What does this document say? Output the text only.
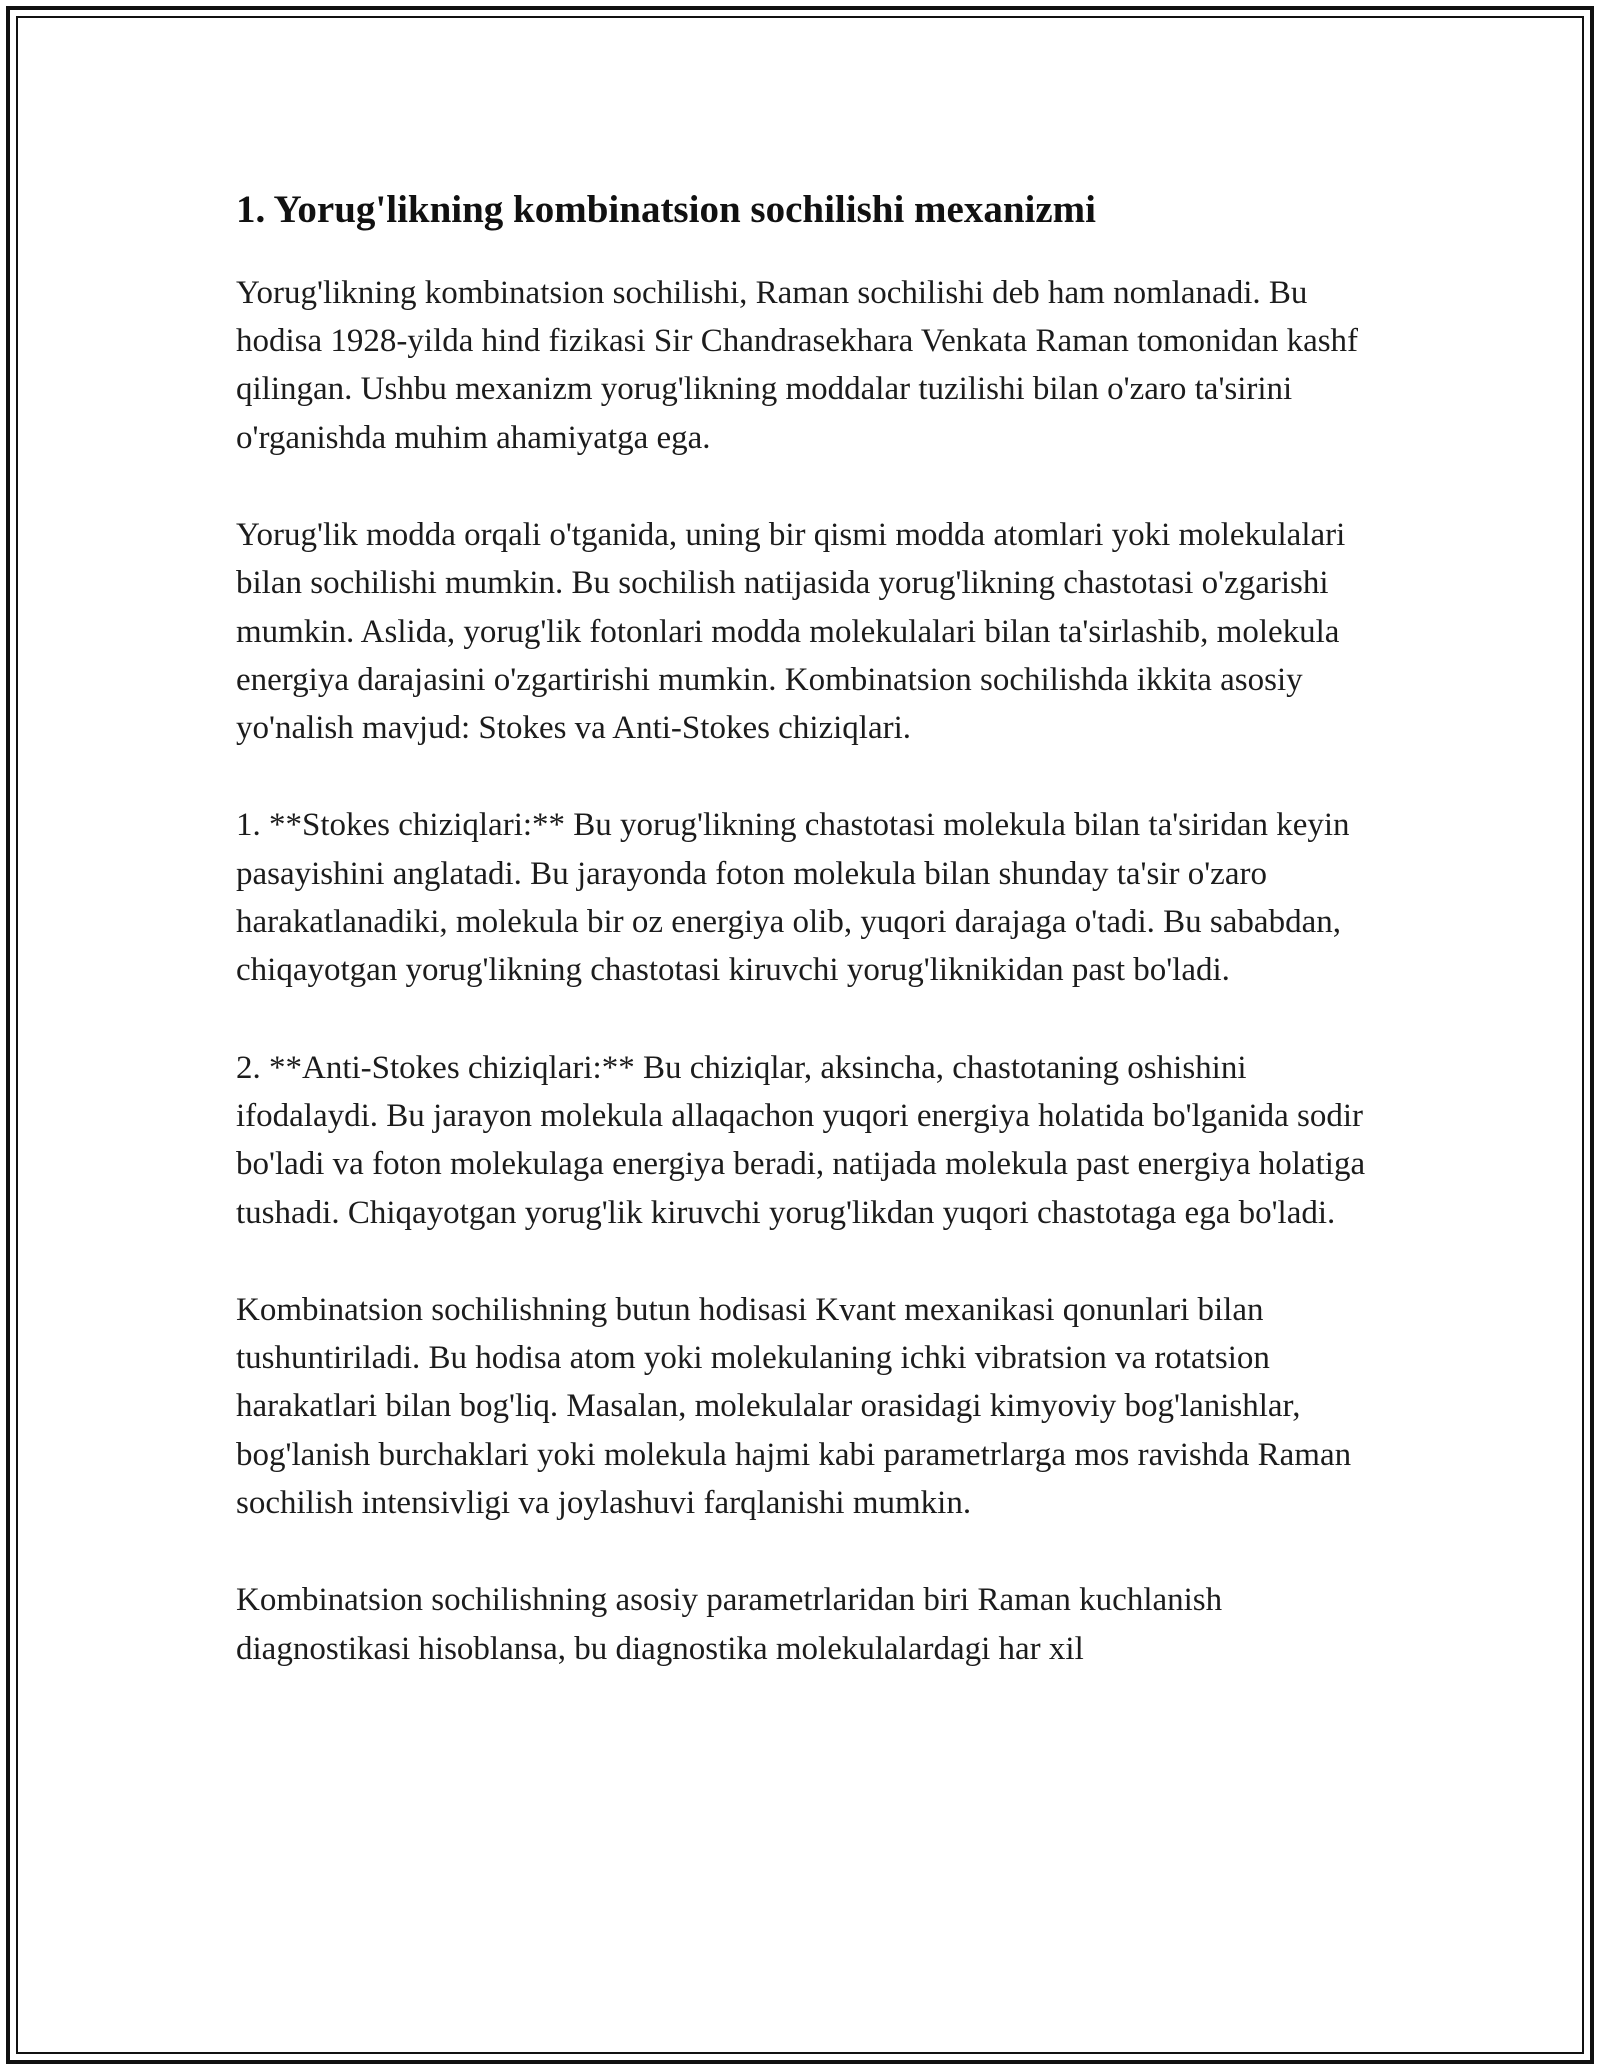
1. Yorug'likning kombinatsion sochilishi mexanizmi

Yorug'likning kombinatsion sochilishi, Raman sochilishi deb ham nomlanadi. Bu hodisa 1928-yilda hind fizikasi Sir Chandrasekhara Venkata Raman tomonidan kashf qilingan. Ushbu mexanizm yorug'likning moddalar tuzilishi bilan o'zaro ta'sirini o'rganishda muhim ahamiyatga ega.

Yorug'lik modda orqali o'tganida, uning bir qismi modda atomlari yoki molekulalari bilan sochilishi mumkin. Bu sochilish natijasida yorug'likning chastotasi o'zgarishi mumkin. Aslida, yorug'lik fotonlari modda molekulalari bilan ta'sirlashib, molekula energiya darajasini o'zgartirishi mumkin. Kombinatsion sochilishda ikkita asosiy yo'nalish mavjud: Stokes va Anti-Stokes chiziqlari.

1. **Stokes chiziqlari:** Bu yorug'likning chastotasi molekula bilan ta'siridan keyin pasayishini anglatadi. Bu jarayonda foton molekula bilan shunday ta'sir o'zaro harakatlanadiki, molekula bir oz energiya olib, yuqori darajaga o'tadi. Bu sababdan, chiqayotgan yorug'likning chastotasi kiruvchi yorug'liknikidan past bo'ladi.

2. **Anti-Stokes chiziqlari:** Bu chiziqlar, aksincha, chastotaning oshishini ifodalaydi. Bu jarayon molekula allaqachon yuqori energiya holatida bo'lganida sodir bo'ladi va foton molekulaga energiya beradi, natijada molekula past energiya holatiga tushadi. Chiqayotgan yorug'lik kiruvchi yorug'likdan yuqori chastotaga ega bo'ladi.

Kombinatsion sochilishning butun hodisasi Kvant mexanikasi qonunlari bilan tushuntiriladi. Bu hodisa atom yoki molekulaning ichki vibratsion va rotatsion harakatlari bilan bog'liq. Masalan, molekulalar orasidagi kimyoviy bog'lanishlar, bog'lanish burchaklari yoki molekula hajmi kabi parametrlarga mos ravishda Raman sochilish intensivligi va joylashuvi farqlanishi mumkin.

Kombinatsion sochilishning asosiy parametrlaridan biri Raman kuchlanish diagnostikasi hisoblansa, bu diagnostika molekulalardagi har xil
